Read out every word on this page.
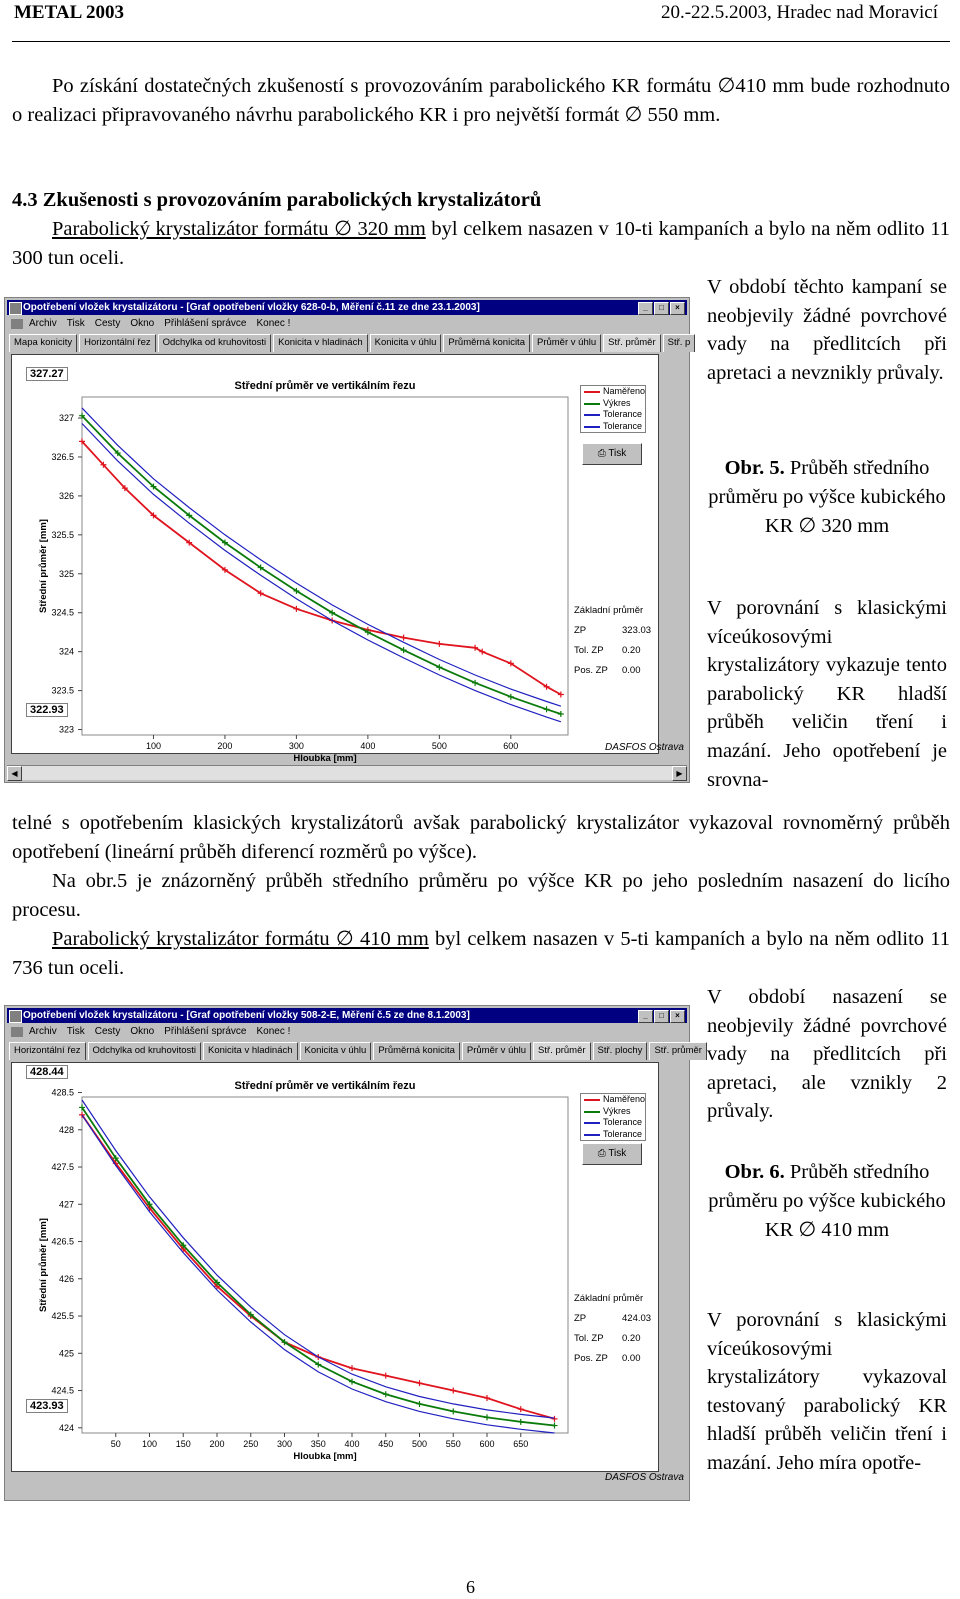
METAL 2003	20.-22.5.2003, Hradec nad Moravicí

Po získání dostatečných zkušeností s provozováním parabolického KR formátu ∅410 mm bude rozhodnuto o realizaci připravovaného návrhu parabolického KR i pro největší formát ∅ 550 mm.

4.3 Zkušenosti s provozováním parabolických krystalizátorů

Parabolický krystalizátor formátu ∅ 320 mm byl celkem nasazen v 10-ti kampaních a bylo na něm odlito 11 300 tun oceli.

V období těchto kampaní se neobjevily žádné povrchové vady na předlitcích při apretaci a nevznikly průvaly.
Obr. 5. Průběh středního průměru po výšce kubického KR ∅ 320 mm
V porovnání s klasickými víceúkosovými krystalizátory vykazuje tento parabolický KR hladší průběh veličin tření i mazání. Jeho opotřebení je srovna-
Opotřebení vložek krystalizátoru - [Graf opotřebení vložky 628-0-b, Měření č.11 ze dne 23.1.2003]	_	□	×
Archiv Tisk Cesty Okno Přihlášení správce Konec !
Mapa konicity	Horizontální řez	Odchylka od kruhovitosti	Konicita v hladinách	Konicita v úhlu	Průměrná konicita	Průměr v úhlu	Stř. průměr	Stř. p
323
323.5
324
324.5
325
325.5
326
326.5
327
100	200	300	400	500	600
Střední průměr ve vertikálním řezu
Hloubka [mm]
Střední průměr [mm]
327.27
322.93
Naměřeno
Výkres
Tolerance
Tolerance
⎙ Tisk
Základní průměr
ZP	323.03
Tol. ZP	0.20
Pos. ZP	0.00
DASFOS Ostrava
◀	▶

telné s opotřebením klasických krystalizátorů avšak parabolický krystalizátor vykazoval rovnoměrný průběh opotřebení (lineární průběh diferencí rozměrů po výšce).

Na obr.5 je znázorněný průběh středního průměru po výšce KR po jeho posledním nasazení do licího procesu.

Parabolický krystalizátor formátu ∅ 410 mm byl celkem nasazen v 5-ti kampaních a bylo na něm odlito 11 736 tun oceli.

V období nasazení se neobjevily žádné povrchové vady na předlitcích při apretaci, ale vznikly 2 průvaly.
Obr. 6. Průběh středního průměru po výšce kubického KR ∅ 410 mm
V porovnání s klasickými víceúkosovými krystalizátory vykazoval testovaný parabolický KR hladší průběh veličin tření i mazání. Jeho míra opotře-
Opotřebení vložek krystalizátoru - [Graf opotřebení vložky 508-2-E, Měření č.5 ze dne 8.1.2003]	_	□	×
Archiv Tisk Cesty Okno Přihlášení správce Konec !
Horizontální řez	Odchylka od kruhovitosti	Konicita v hladinách	Konicita v úhlu	Průměrná konicita	Průměr v úhlu	Stř. průměr	Stř. plochy	Stř. průměr
424
424.5
425
425.5
426
426.5
427
427.5
428
428.5
50 100 150 200 250 300 350 400 450 500 550 600 650
Střední průměr ve vertikálním řezu
Hloubka [mm]
Střední průměr [mm]
428.44
423.93
Naměřeno
Výkres
Tolerance
Tolerance
⎙ Tisk
Základní průměr
ZP	424.03
Tol. ZP	0.20
Pos. ZP	0.00
DASFOS Ostrava
6
